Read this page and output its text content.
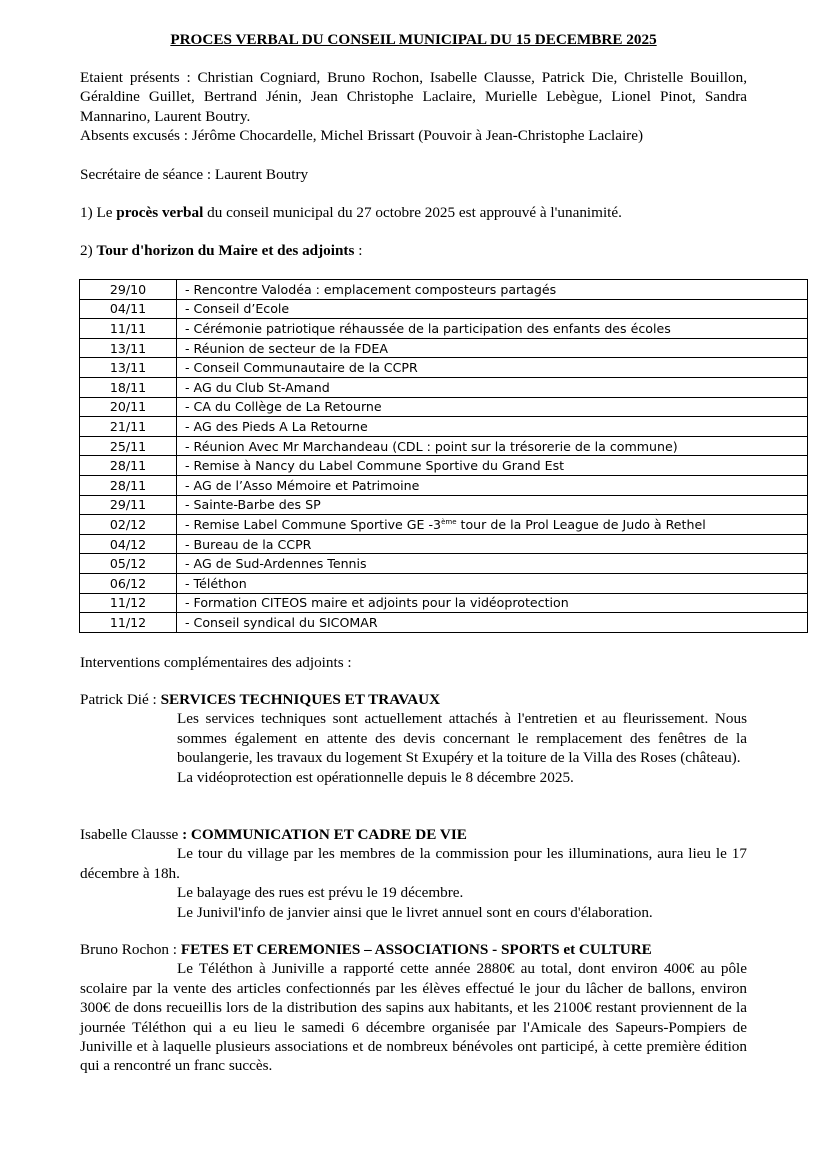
PROCES VERBAL DU CONSEIL MUNICIPAL DU 15 DECEMBRE 2025

Etaient présents : Christian Cogniard, Bruno Rochon, Isabelle Clausse, Patrick Die, Christelle Bouillon, Géraldine Guillet, Bertrand Jénin, Jean Christophe Laclaire, Murielle Lebègue, Lionel Pinot, Sandra Mannarino, Laurent Boutry.

Absents excusés : Jérôme Chocardelle, Michel Brissart (Pouvoir à Jean-Christophe Laclaire)

Secrétaire de séance : Laurent Boutry
1) Le procès verbal du conseil municipal du 27 octobre 2025 est approuvé à l'unanimité.
2) Tour d'horizon du Maire et des adjoints :
29/10	- Rencontre Valodéa : emplacement composteurs partagés
04/11	- Conseil d’Ecole
11/11	- Cérémonie patriotique réhaussée de la participation des enfants des écoles
13/11	- Réunion de secteur de la FDEA
13/11	- Conseil Communautaire de la CCPR
18/11	- AG du Club St-Amand
20/11	- CA du Collège de La Retourne
21/11	- AG des Pieds A La Retourne
25/11	- Réunion Avec Mr Marchandeau (CDL : point sur la trésorerie de la commune)
28/11	- Remise à Nancy du Label Commune Sportive du Grand Est
28/11	- AG de l’Asso Mémoire et Patrimoine
29/11	- Sainte-Barbe des SP
02/12	- Remise Label Commune Sportive GE -3ème tour de la Prol League de Judo à Rethel
04/12	- Bureau de la CCPR
05/12	- AG de Sud-Ardennes Tennis
06/12	- Téléthon
11/12	- Formation CITEOS maire et adjoints pour la vidéoprotection
11/12	- Conseil syndical du SICOMAR
Interventions complémentaires des adjoints :

Patrick Dié : SERVICES TECHNIQUES ET TRAVAUX

Les services techniques sont actuellement attachés à l'entretien et au fleurissement. Nous sommes également en attente des devis concernant le remplacement des fenêtres de la boulangerie, les travaux du logement St Exupéry et la toiture de la Villa des Roses (château).

La vidéoprotection est opérationnelle depuis le 8 décembre 2025.

Isabelle Clausse : COMMUNICATION ET CADRE DE VIE

Le tour du village par les membres de la commission pour les illuminations, aura lieu le 17 décembre à 18h.

Le balayage des rues est prévu le 19 décembre.

Le Junivil'info de janvier ainsi que le livret annuel sont en cours d'élaboration.

Bruno Rochon : FETES ET CEREMONIES – ASSOCIATIONS - SPORTS et CULTURE

Le Téléthon à Juniville a rapporté cette année 2880€ au total, dont environ 400€ au pôle scolaire par la vente des articles confectionnés par les élèves effectué le jour du lâcher de ballons, environ 300€ de dons recueillis lors de la distribution des sapins aux habitants, et les 2100€ restant proviennent de la journée Téléthon qui a eu lieu le samedi 6 décembre organisée par l'Amicale des Sapeurs-Pompiers de Juniville et à laquelle plusieurs associations et de nombreux bénévoles ont participé, à cette première édition qui a rencontré un franc succès.
